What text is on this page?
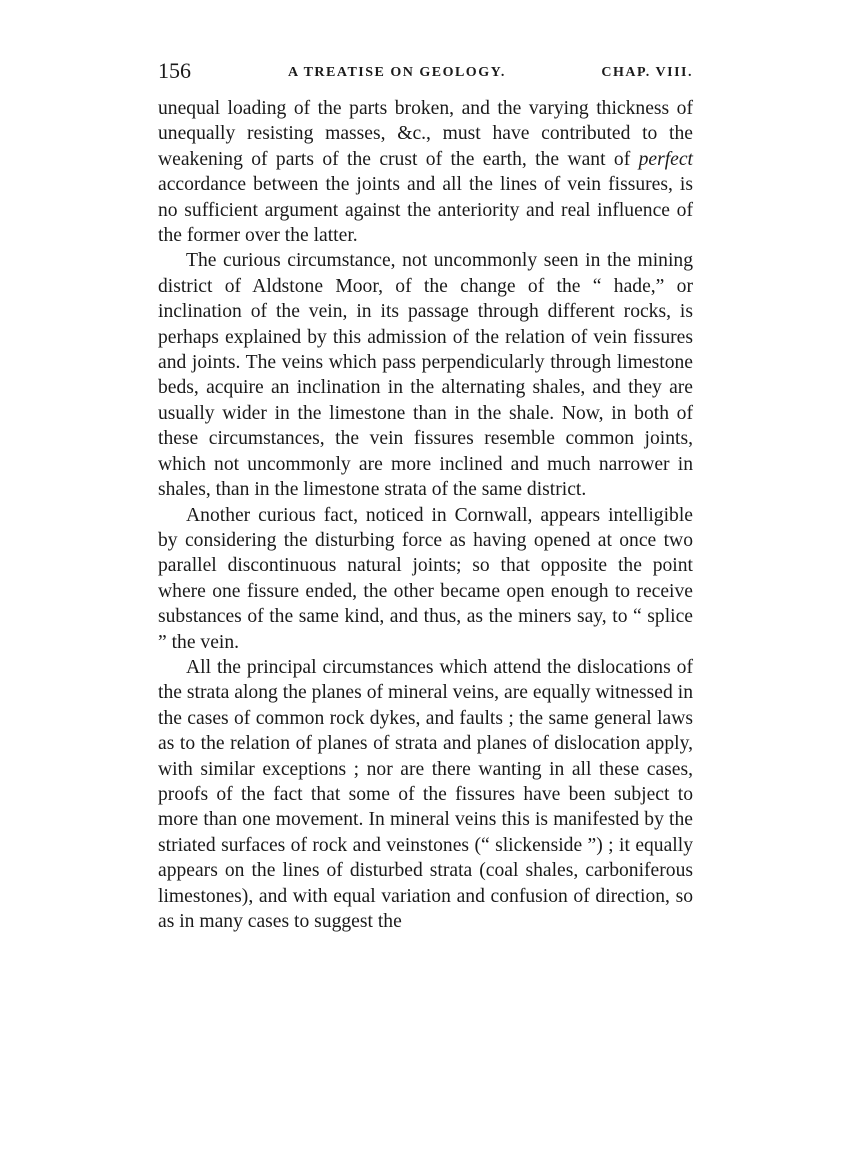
156	A TREATISE ON GEOLOGY.	CHAP. VIII.

unequal loading of the parts broken, and the varying thickness of unequally resisting masses, &c., must have contributed to the weakening of parts of the crust of the earth, the want of perfect accordance between the joints and all the lines of vein fissures, is no sufficient argument against the anteriority and real influence of the former over the latter.

The curious circumstance, not uncommonly seen in the mining district of Aldstone Moor, of the change of the “ hade,” or inclination of the vein, in its passage through different rocks, is perhaps explained by this admission of the relation of vein fissures and joints. The veins which pass perpendicularly through limestone beds, acquire an inclination in the alternating shales, and they are usually wider in the limestone than in the shale. Now, in both of these circumstances, the vein fissures resemble common joints, which not uncommonly are more inclined and much narrower in shales, than in the limestone strata of the same district.

Another curious fact, noticed in Cornwall, appears intelligible by considering the disturbing force as having opened at once two parallel discontinuous natural joints; so that opposite the point where one fissure ended, the other became open enough to receive substances of the same kind, and thus, as the miners say, to “ splice ” the vein.

All the principal circumstances which attend the dislocations of the strata along the planes of mineral veins, are equally witnessed in the cases of common rock dykes, and faults ; the same general laws as to the relation of planes of strata and planes of dislocation apply, with similar exceptions ; nor are there wanting in all these cases, proofs of the fact that some of the fissures have been subject to more than one movement. In mineral veins this is manifested by the striated surfaces of rock and veinstones (“ slickenside ”) ; it equally appears on the lines of disturbed strata (coal shales, carboniferous limestones), and with equal variation and confusion of direction, so as in many cases to suggest the
